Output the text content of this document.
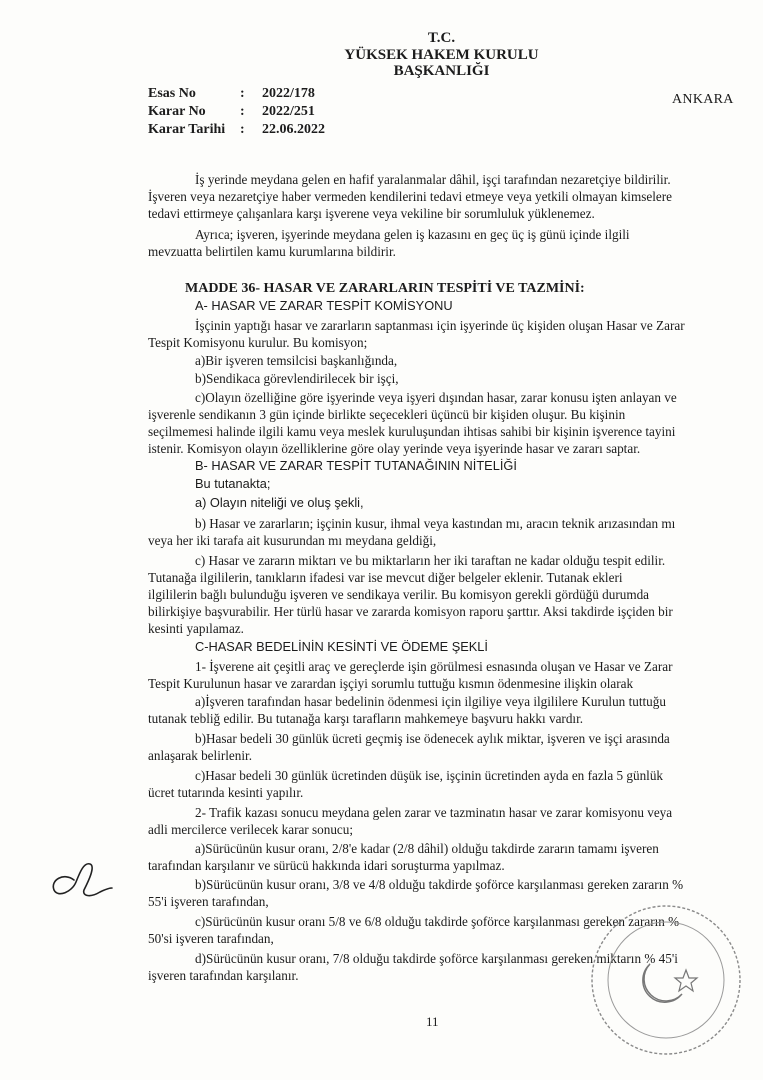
T.C.
YÜKSEK HAKEM KURULU
BAŞKANLIĞI
Esas No	: 2022/178
Karar No : 2022/251
Karar Tarihi : 22.06.2022
ANKARA
İş yerinde meydana gelen en hafif yaralanmalar dâhil, işçi tarafından nezaretçiye bildirilir.
İşveren veya nezaretçiye haber vermeden kendilerini tedavi etmeye veya yetkili olmayan kimselere
tedavi ettirmeye çalışanlara karşı işverene veya vekiline bir sorumluluk yüklenemez.
Ayrıca; işveren, işyerinde meydana gelen iş kazasını en geç üç iş günü içinde ilgili
mevzuatta belirtilen kamu kurumlarına bildirir.
MADDE 36- HASAR VE ZARARLARIN TESPİTİ VE TAZMİNİ:
A- HASAR VE ZARAR TESPİT KOMİSYONU
İşçinin yaptığı hasar ve zararların saptanması için işyerinde üç kişiden oluşan Hasar ve Zarar
Tespit Komisyonu kurulur. Bu komisyon;
a)Bir işveren temsilcisi başkanlığında,
b)Sendikaca görevlendirilecek bir işçi,
c)Olayın özelliğine göre işyerinde veya işyeri dışından hasar, zarar konusu işten anlayan ve
işverenle sendikanın 3 gün içinde birlikte seçecekleri üçüncü bir kişiden oluşur. Bu kişinin
seçilmemesi halinde ilgili kamu veya meslek kuruluşundan ihtisas sahibi bir kişinin işverence tayini
istenir. Komisyon olayın özelliklerine göre olay yerinde veya işyerinde hasar ve zararı saptar.
B- HASAR VE ZARAR TESPİT TUTANAĞININ NİTELİĞİ
Bu tutanakta;
a) Olayın niteliği ve oluş şekli,
b) Hasar ve zararların; işçinin kusur, ihmal veya kastından mı, aracın teknik arızasından mı
veya her iki tarafa ait kusurundan mı meydana geldiği,
c) Hasar ve zararın miktarı ve bu miktarların her iki taraftan ne kadar olduğu tespit edilir.
Tutanağa ilgililerin, tanıkların ifadesi var ise mevcut diğer belgeler eklenir. Tutanak ekleri
ilgililerin bağlı bulunduğu işveren ve sendikaya verilir. Bu komisyon gerekli gördüğü durumda
bilirkişiye başvurabilir. Her türlü hasar ve zararda komisyon raporu şarttır. Aksi takdirde işçiden bir
kesinti yapılamaz.
C-HASAR BEDELİNİN KESİNTİ VE ÖDEME ŞEKLİ
1- İşverene ait çeşitli araç ve gereçlerde işin görülmesi esnasında oluşan ve Hasar ve Zarar
Tespit Kurulunun hasar ve zarardan işçiyi sorumlu tuttuğu kısmın ödenmesine ilişkin olarak
a)İşveren tarafından hasar bedelinin ödenmesi için ilgiliye veya ilgililere Kurulun tuttuğu
tutanak tebliğ edilir. Bu tutanağa karşı tarafların mahkemeye başvuru hakkı vardır.
b)Hasar bedeli 30 günlük ücreti geçmiş ise ödenecek aylık miktar, işveren ve işçi arasında
anlaşarak belirlenir.
c)Hasar bedeli 30 günlük ücretinden düşük ise, işçinin ücretinden ayda en fazla 5 günlük
ücret tutarında kesinti yapılır.
2- Trafik kazası sonucu meydana gelen zarar ve tazminatın hasar ve zarar komisyonu veya
adli mercilerce verilecek karar sonucu;
a)Sürücünün kusur oranı, 2/8'e kadar (2/8 dâhil) olduğu takdirde zararın tamamı işveren
tarafından karşılanır ve sürücü hakkında idari soruşturma yapılmaz.
b)Sürücünün kusur oranı, 3/8 ve 4/8 olduğu takdirde şoförce karşılanması gereken zararın %
55'i işveren tarafından,
c)Sürücünün kusur oranı 5/8 ve 6/8 olduğu takdirde şoförce karşılanması gereken zararın %
50'si işveren tarafından,
d)Sürücünün kusur oranı, 7/8 olduğu takdirde şoförce karşılanması gereken miktarın % 45'i
işveren tarafından karşılanır.
11
